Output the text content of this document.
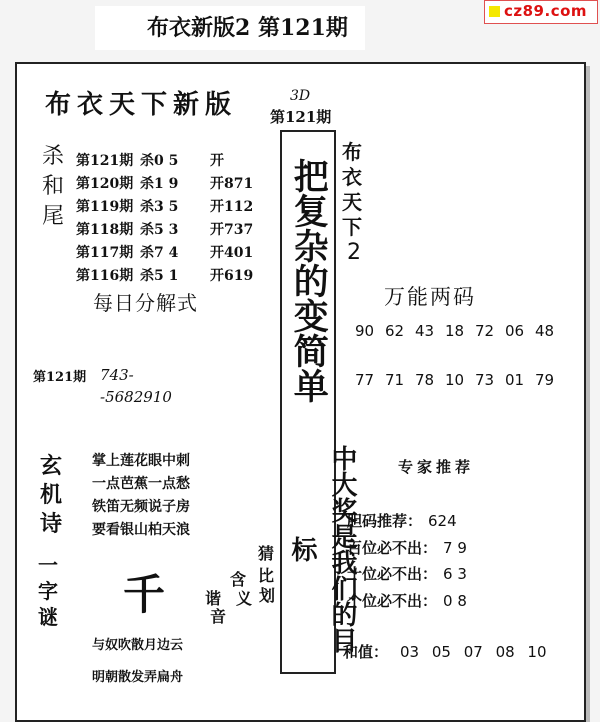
布衣新版2 第121期
cz89.com
布衣天下新版	3D
第121期
杀
和
尾
第121期 杀0 5 开
第120期 杀1 9 开871
第119期 杀3 5 开112
第118期 杀5 3 开737
第117期 杀7 4 开401
第116期 杀5 1 开619
每日分解式
第121期 743-
-5682910
玄
机
诗
一
字
谜
掌上莲花眼中刺
一点芭蕉一点愁
铁笛无频说子房
要看银山柏天浪
千
猜
比
划
含
义
谐
音
与奴吹散月边云
明朝散发弄扁舟
把复杂的变简单
中大奖是我们的目标
布
衣
天
下
2
万能两码
90 62 43 18 72 06 48
77 71 78 10 73 01 79
专家推荐
胆码推荐： 624
百位必不出： 7 9
十位必不出： 6 3
个位必不出： 0 8
和值： 03 05 07 08 10
